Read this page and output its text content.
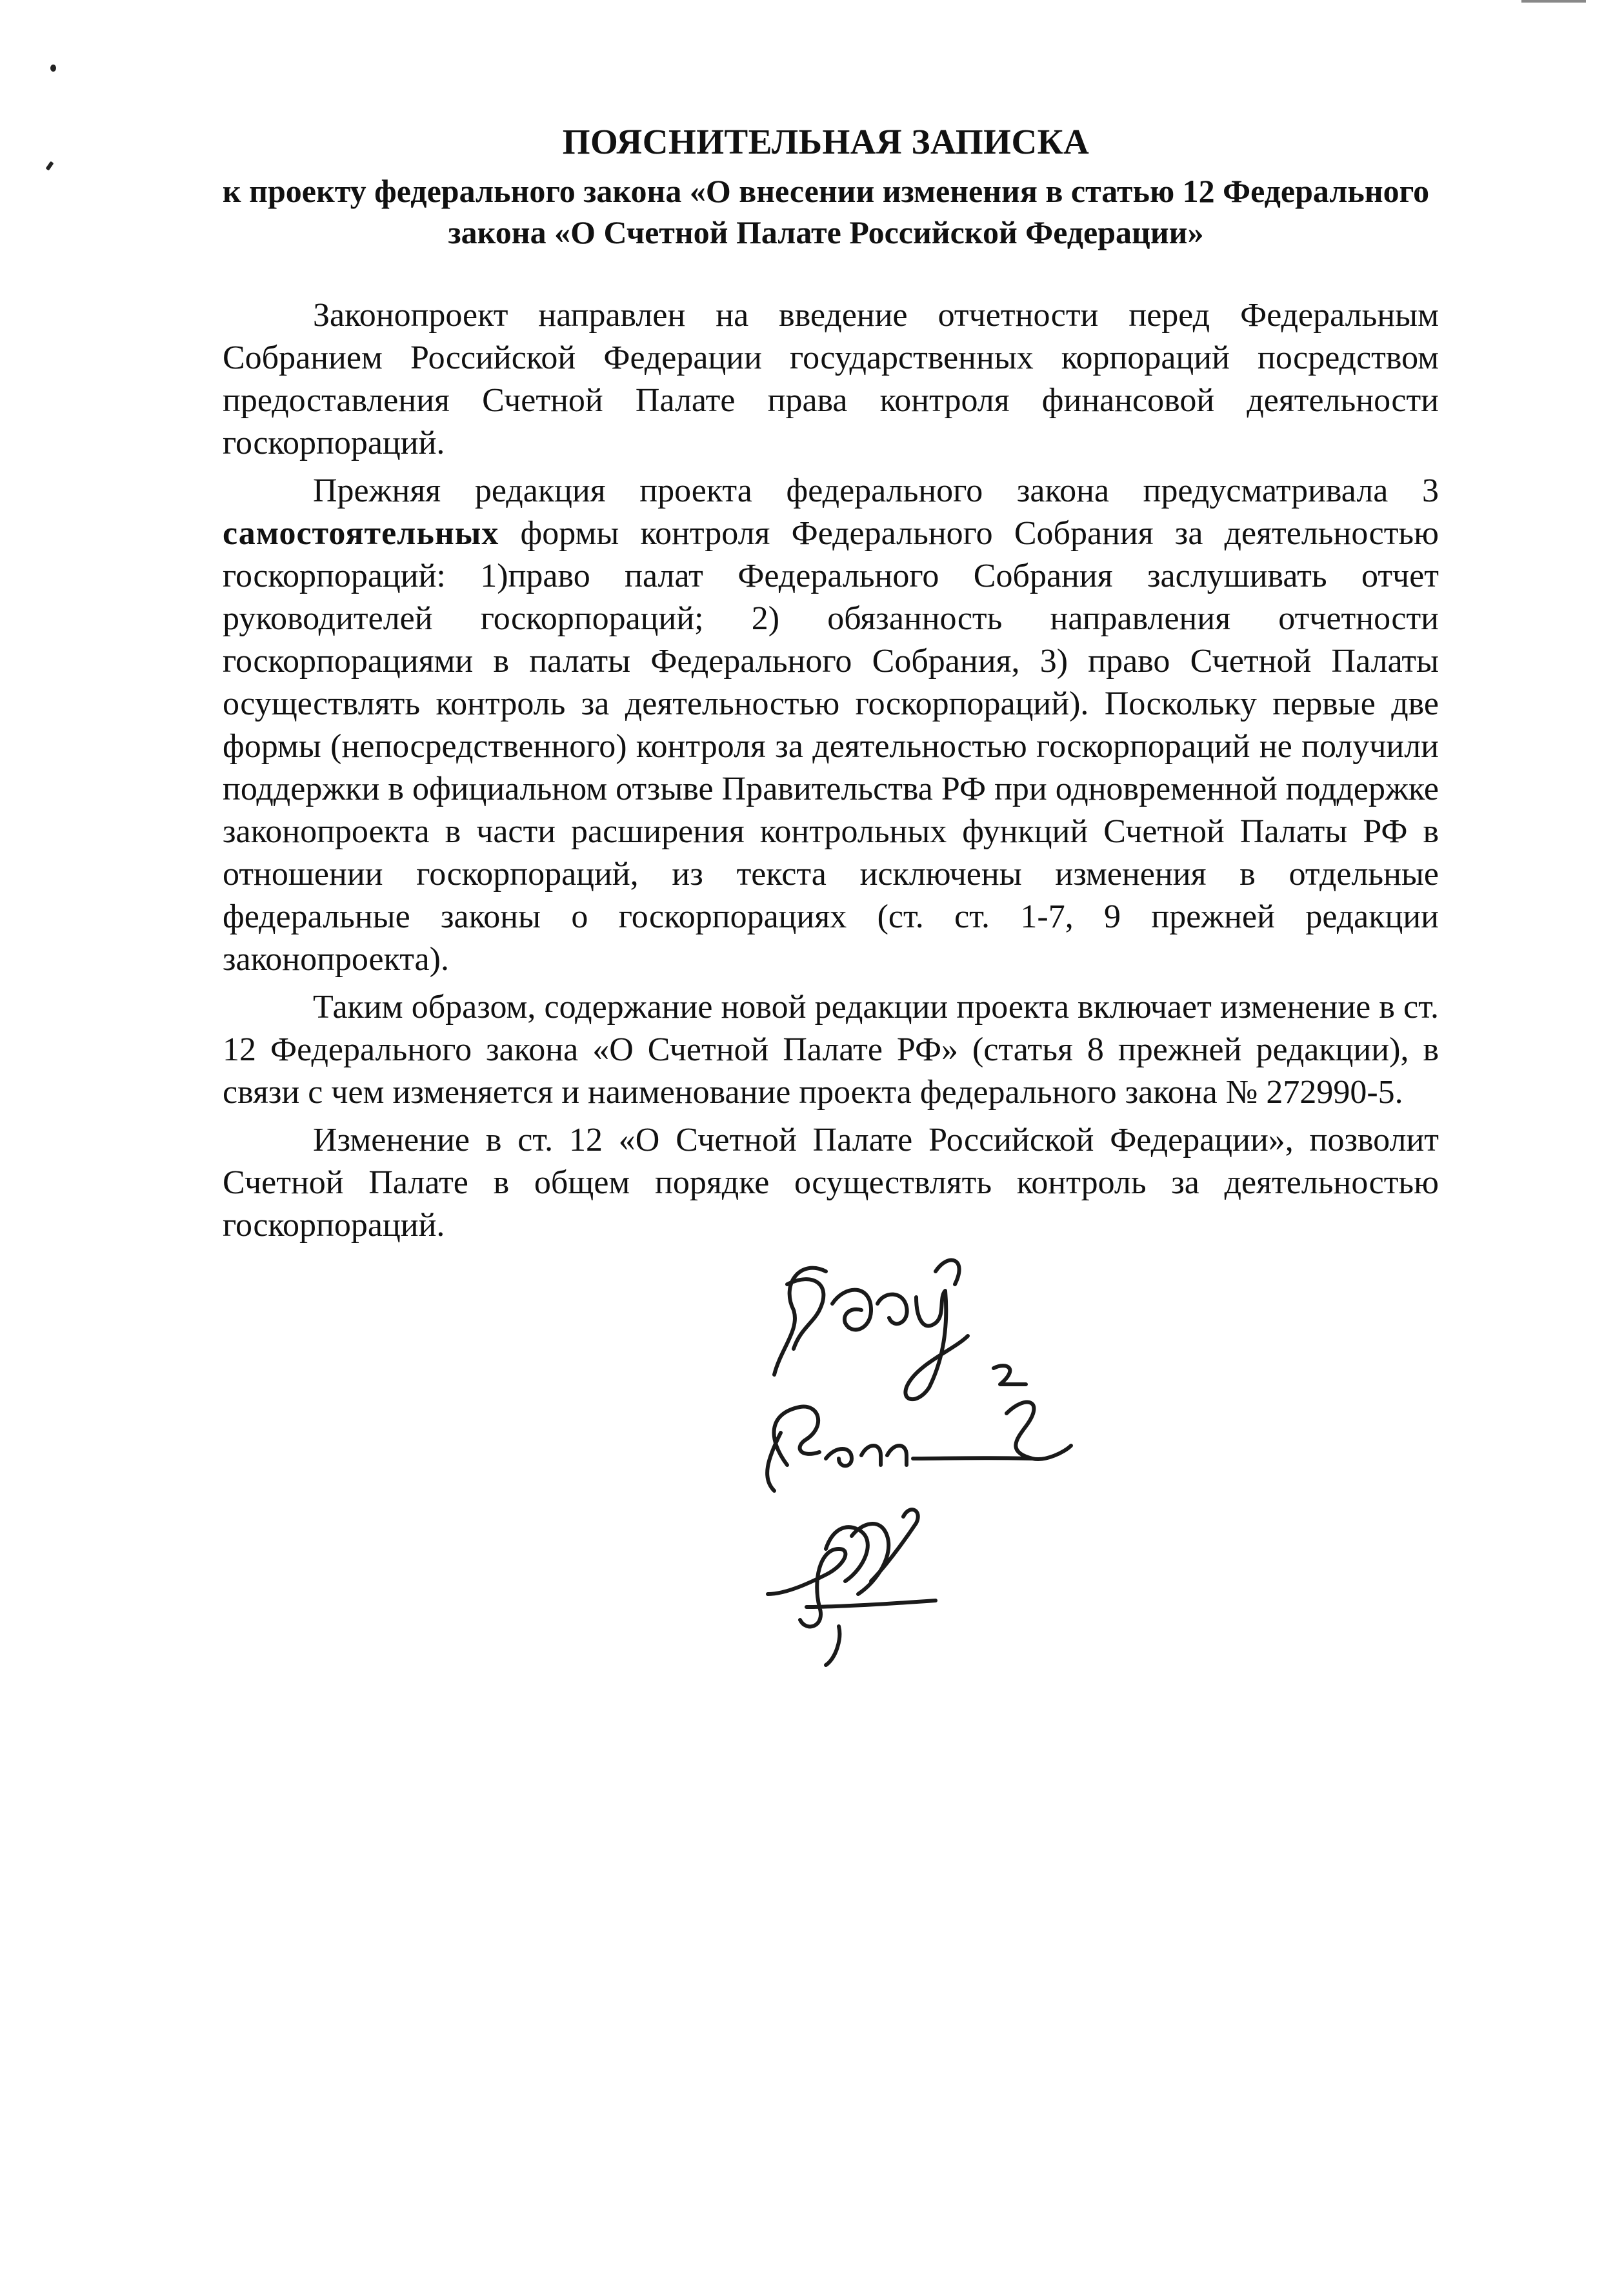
ПОЯСНИТЕЛЬНАЯ ЗАПИСКА
к проекту федерального закона «О внесении изменения в статью 12 Федерального закона «О Счетной Палате Российской Федерации»

Законопроект направлен на введение отчетности перед Федеральным Собранием Российской Федерации государственных корпораций посредством предоставления Счетной Палате права контроля финансовой деятельности госкорпораций.

Прежняя редакция проекта федерального закона предусматривала 3 самостоятельных формы контроля Федерального Собрания за деятельностью госкорпораций: 1)право палат Федерального Собрания заслушивать отчет руководителей госкорпораций; 2) обязанность направления отчетности госкорпорациями в палаты Федерального Собрания, 3) право Счетной Палаты осуществлять контроль за деятельностью госкорпораций). Поскольку первые две формы (непосредственного) контроля за деятельностью госкорпораций не получили поддержки в официальном отзыве Правительства РФ при одновременной поддержке законопроекта в части расширения контрольных функций Счетной Палаты РФ в отношении госкорпораций, из текста исключены изменения в отдельные федеральные законы о госкорпорациях (ст. ст. 1-7, 9 прежней редакции законопроекта).

Таким образом, содержание новой редакции проекта включает изменение в ст. 12 Федерального закона «О Счетной Палате РФ» (статья 8 прежней редакции), в связи с чем изменяется и наименование проекта федерального закона № 272990-5.

Изменение в ст. 12 «О Счетной Палате Российской Федерации», позволит Счетной Палате в общем порядке осуществлять контроль за деятельностью госкорпораций.
